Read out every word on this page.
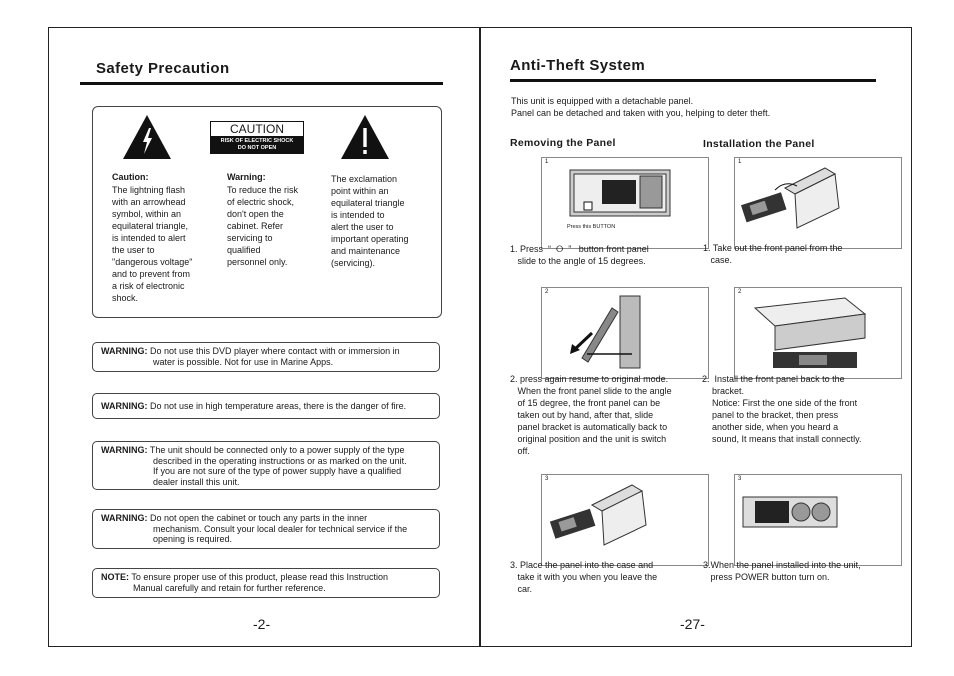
Safety Precaution
CAUTION
RISK OF ELECTRIC SHOCK
DO NOT OPEN
Caution:
The lightning flash
with an arrowhead
symbol, within an
equilateral triangle,
is intended to alert
the user to
"dangerous voltage"
and to prevent from
a risk of electronic
shock.
Warning:
To reduce the risk
of electric shock,
don't open the
cabinet. Refer
servicing to
qualified
personnel only.
The exclamation
point within an
equilateral triangle
is intended to
alert the user to
important operating
and maintenance
(servicing).
WARNING: Do not use this DVD player where contact with or immersion in
water is possible. Not for use in Marine Apps.
WARNING: Do not use in high temperature areas, there is the danger of fire.
WARNING: The unit should be connected only to a power supply of the type
described in the operating instructions or as marked on the unit.
If you are not sure of the type of power supply have a qualified
dealer install this unit.
WARNING: Do not open the cabinet or touch any parts in the inner
mechanism. Consult your local dealer for technical service if the
opening is required.
NOTE: To ensure proper use of this product, please read this Instruction
Manual carefully and retain for further reference.
-2-
Anti-Theft System
This unit is equipped with a detachable panel.
Panel can be detached and taken with you, helping to deter theft.
Removing the Panel	Installation the Panel
1
Press this BUTTON
2
3
1
2
3
1. Press  “  ⭘  ”   button front panel
slide to the angle of 15 degrees.
2. press again resume to original mode.
When the front panel slide to the angle
of 15 degree, the front panel can be
taken out by hand, after that, slide
panel bracket is automatically back to
original position and the unit is switch
off.
3. Place the panel into the case and
take it with you when you leave the
car.
1. Take out the front panel from the
case.
2.  Install the front panel back to the
bracket.
Notice: First the one side of the front
panel to the bracket, then press
another side, when you heard a
sound, It means that install connectly.
3.When the panel installed into the unit,
press POWER button turn on.
-27-
